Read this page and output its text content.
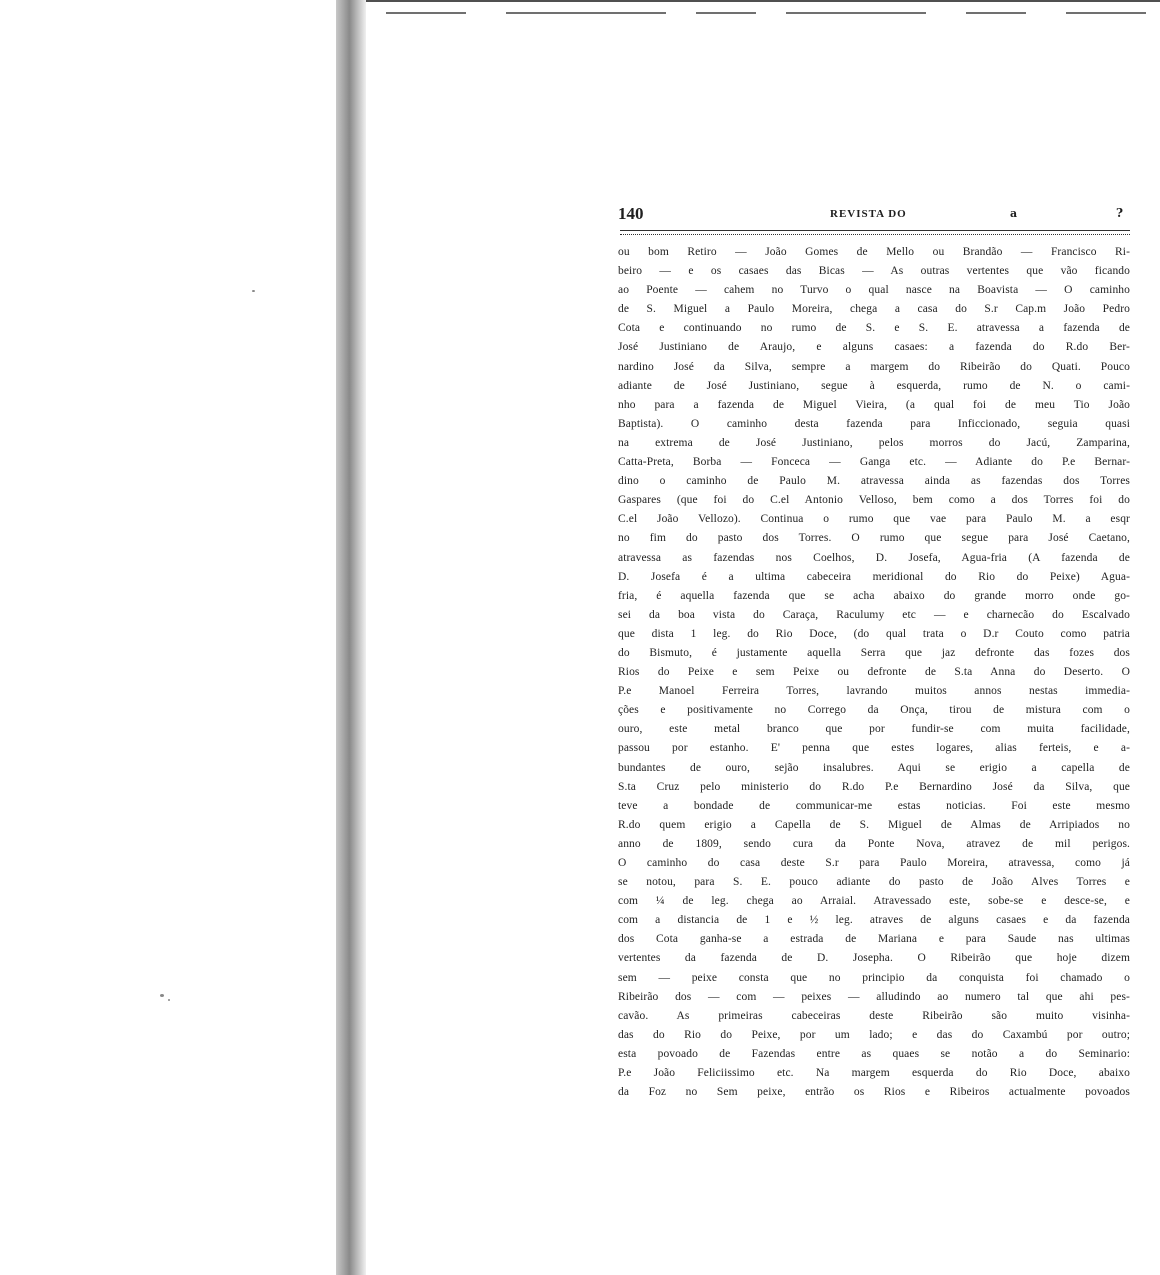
140	REVISTA DO	a	?
ou bom Retiro — João Gomes de Mello ou Brandão — Francisco Ri-
beiro — e os casaes das Bicas — As outras vertentes que vão ficando
ao Poente — cahem no Turvo o qual nasce na Boavista — O caminho
de S. Miguel a Paulo Moreira, chega a casa do S.r Cap.m João Pedro
Cota e continuando no rumo de S. e S. E. atravessa a fazenda de
José Justiniano de Araujo, e alguns casaes: a fazenda do R.do Ber-
nardino José da Silva, sempre a margem do Ribeirão do Quati. Pouco
adiante de José Justiniano, segue à esquerda, rumo de N. o cami-
nho para a fazenda de Miguel Vieira, (a qual foi de meu Tio João
Baptista). O caminho desta fazenda para Inficcionado, seguia quasi
na extrema de José Justiniano, pelos morros do Jacú, Zamparina,
Catta-Preta, Borba — Fonceca — Ganga etc. — Adiante do P.e Bernar-
dino o caminho de Paulo M. atravessa ainda as fazendas dos Torres
Gaspares (que foi do C.el Antonio Velloso, bem como a dos Torres foi do
C.el João Vellozo). Continua o rumo que vae para Paulo M. a esqr
no fim do pasto dos Torres. O rumo que segue para José Caetano,
atravessa as fazendas nos Coelhos, D. Josefa, Agua-fria (A fazenda de
D. Josefa é a ultima cabeceira meridional do Rio do Peixe) Agua-
fria, é aquella fazenda que se acha abaixo do grande morro onde go-
sei da boa vista do Caraça, Raculumy etc — e charnecão do Escalvado
que dista 1 leg. do Rio Doce, (do qual trata o D.r Couto como patria
do Bismuto, é justamente aquella Serra que jaz defronte das fozes dos
Rios do Peixe e sem Peixe ou defronte de S.ta Anna do Deserto. O
P.e Manoel Ferreira Torres, lavrando muitos annos nestas immedia-
ções e positivamente no Corrego da Onça, tirou de mistura com o
ouro, este metal branco que por fundir-se com muita facilidade,
passou por estanho. E' penna que estes logares, alias ferteis, e a-
bundantes de ouro, sejão insalubres. Aqui se erigio a capella de
S.ta Cruz pelo ministerio do R.do P.e Bernardino José da Silva, que
teve a bondade de communicar-me estas noticias. Foi este mesmo
R.do quem erigio a Capella de S. Miguel de Almas de Arripiados no
anno de 1809, sendo cura da Ponte Nova, atravez de mil perigos.
O caminho do casa deste S.r para Paulo Moreira, atravessa, como já
se notou, para S. E. pouco adiante do pasto de João Alves Torres e
com ¼ de leg. chega ao Arraial. Atravessado este, sobe-se e desce-se, e
com a distancia de 1 e ½ leg. atraves de alguns casaes e da fazenda
dos Cota ganha-se a estrada de Mariana e para Saude nas ultimas
vertentes da fazenda de D. Josepha. O Ribeirão que hoje dizem
sem — peixe consta que no principio da conquista foi chamado o
Ribeirão dos — com — peixes — alludindo ao numero tal que ahi pes-
cavão. As primeiras cabeceiras deste Ribeirão são muito visinha-
das do Rio do Peixe, por um lado; e das do Caxambú por outro;
esta povoado de Fazendas entre as quaes se notão a do Seminario:
P.e João Feliciissimo etc. Na margem esquerda do Rio Doce, abaixo
da Foz no Sem peixe, entrão os Rios e Ribeiros actualmente povoados
